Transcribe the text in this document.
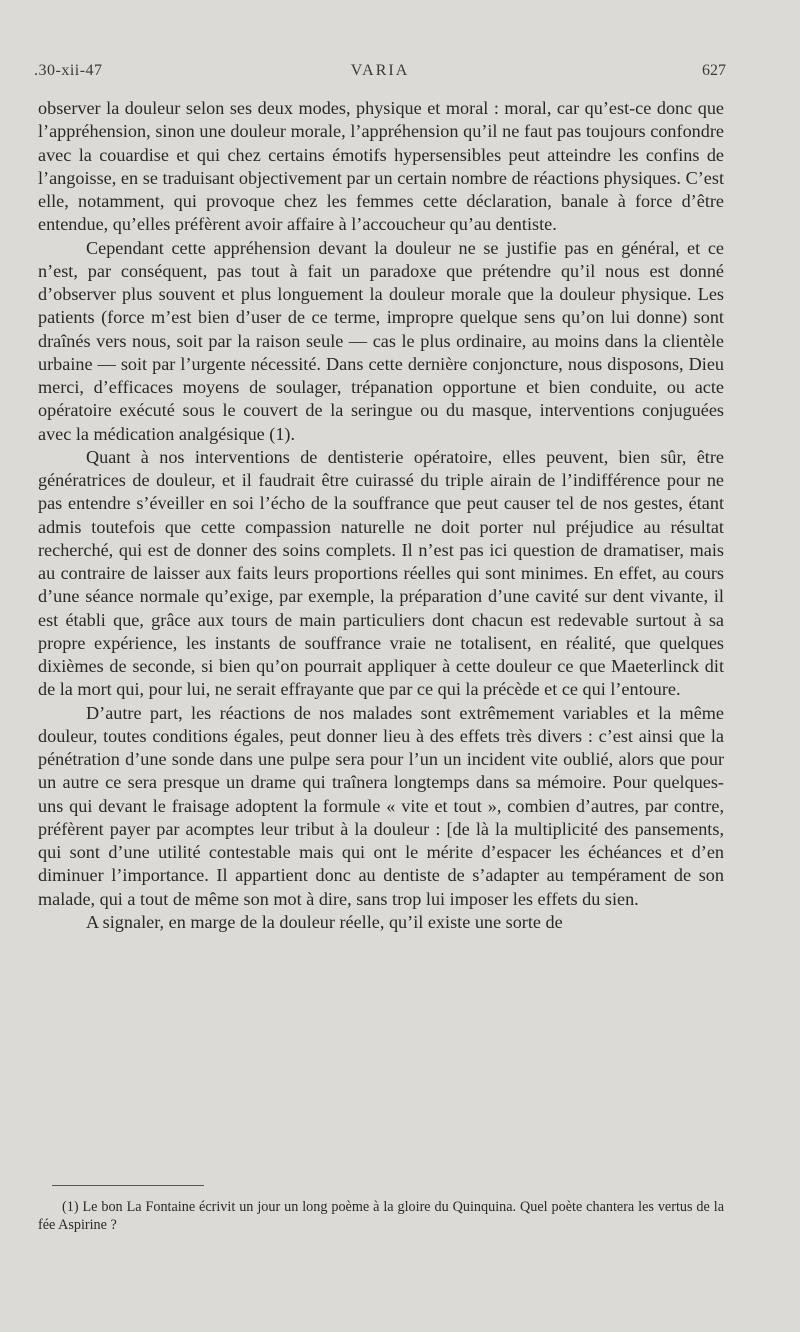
.30-xii-47	VARIA	627

observer la douleur selon ses deux modes, physique et moral : moral, car qu’est-ce donc que l’appréhension, sinon une douleur morale, l’appréhension qu’il ne faut pas toujours confondre avec la couardise et qui chez certains émotifs hypersensibles peut atteindre les confins de l’angoisse, en se traduisant objectivement par un certain nombre de réactions physiques. C’est elle, notamment, qui provoque chez les femmes cette déclaration, banale à force d’être entendue, qu’elles préfèrent avoir affaire à l’accoucheur qu’au dentiste.

Cependant cette appréhension devant la douleur ne se justifie pas en général, et ce n’est, par conséquent, pas tout à fait un paradoxe que prétendre qu’il nous est donné d’observer plus souvent et plus longuement la douleur morale que la douleur physique. Les patients (force m’est bien d’user de ce terme, impropre quelque sens qu’on lui donne) sont draînés vers nous, soit par la raison seule — cas le plus ordinaire, au moins dans la clientèle urbaine — soit par l’urgente nécessité. Dans cette dernière conjoncture, nous disposons, Dieu merci, d’efficaces moyens de soulager, trépanation opportune et bien conduite, ou acte opératoire exécuté sous le couvert de la seringue ou du masque, interventions conjuguées avec la médication analgésique (1).

Quant à nos interventions de dentisterie opératoire, elles peuvent, bien sûr, être génératrices de douleur, et il faudrait être cuirassé du triple airain de l’indifférence pour ne pas entendre s’éveiller en soi l’écho de la souffrance que peut causer tel de nos gestes, étant admis toutefois que cette compassion naturelle ne doit porter nul préjudice au résultat recherché, qui est de donner des soins complets. Il n’est pas ici question de dramatiser, mais au contraire de laisser aux faits leurs proportions réelles qui sont minimes. En effet, au cours d’une séance normale qu’exige, par exemple, la préparation d’une cavité sur dent vivante, il est établi que, grâce aux tours de main particuliers dont chacun est redevable surtout à sa propre expérience, les instants de souffrance vraie ne totalisent, en réalité, que quelques dixièmes de seconde, si bien qu’on pourrait appliquer à cette douleur ce que Maeterlinck dit de la mort qui, pour lui, ne serait effrayante que par ce qui la précède et ce qui l’entoure.

D’autre part, les réactions de nos malades sont extrêmement variables et la même douleur, toutes conditions égales, peut donner lieu à des effets très divers : c’est ainsi que la pénétration d’une sonde dans une pulpe sera pour l’un un incident vite oublié, alors que pour un autre ce sera presque un drame qui traînera longtemps dans sa mémoire. Pour quelques-uns qui devant le fraisage adoptent la formule « vite et tout », combien d’autres, par contre, préfèrent payer par acomptes leur tribut à la douleur : [de là la multiplicité des pansements, qui sont d’une utilité contestable mais qui ont le mérite d’espacer les échéances et d’en diminuer l’importance. Il appartient donc au dentiste de s’adapter au tempérament de son malade, qui a tout de même son mot à dire, sans trop lui imposer les effets du sien.

A signaler, en marge de la douleur réelle, qu’il existe une sorte de

(1) Le bon La Fontaine écrivit un jour un long poème à la gloire du Quinquina. Quel poète chantera les vertus de la fée Aspirine ?
